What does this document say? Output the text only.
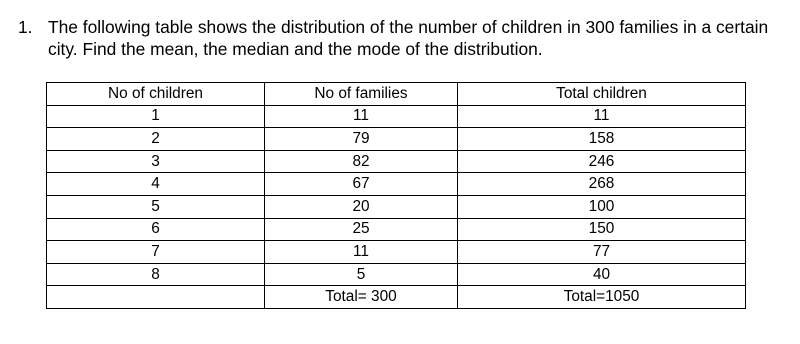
1. The following table shows the distribution of the number of children in 300 families in a certain city. Find the mean, the median and the mode of the distribution.
No of children	No of families	Total children
1	11	11
2	79	158
3	82	246
4	67	268
5	20	100
6	25	150
7	11	77
8	5	40
	Total= 300	Total=1050
